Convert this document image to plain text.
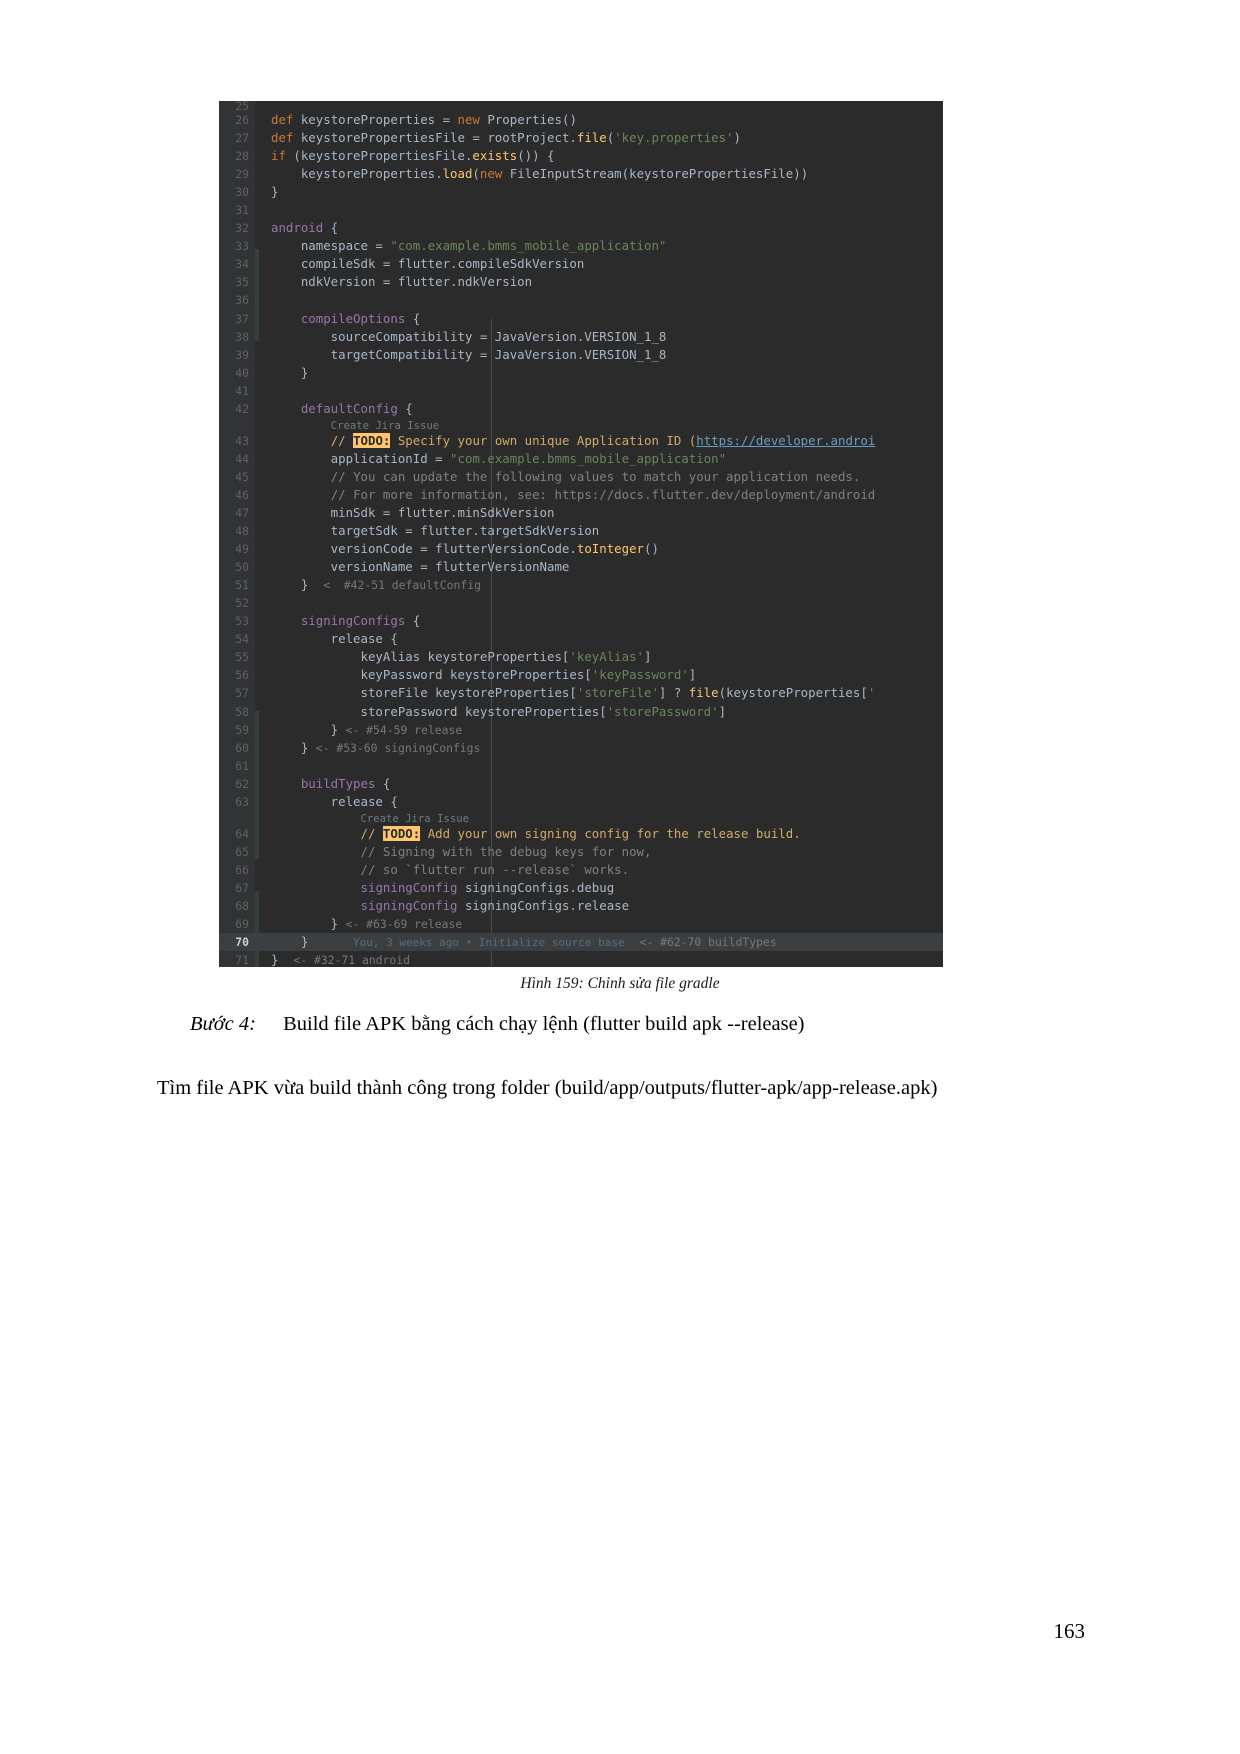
25
26 def keystoreProperties = new Properties()
27 def keystorePropertiesFile = rootProject.file('key.properties')
28 if (keystorePropertiesFile.exists()) {
29 keystoreProperties.load(new FileInputStream(keystorePropertiesFile))
30 }
31
32 android {
33 namespace = "com.example.bmms_mobile_application"
34 compileSdk = flutter.compileSdkVersion
35 ndkVersion = flutter.ndkVersion
36
37	compileOptions {
38 sourceCompatibility = JavaVersion.VERSION_1_8
39 targetCompatibility = JavaVersion.VERSION_1_8
40 }
41
42	defaultConfig {
Create Jira Issue
43	// TODO: Specify your own unique Application ID (https://developer.androi
44 applicationId = "com.example.bmms_mobile_application"
45	// You can update the following values to match your application needs.
46	// For more information, see: https://docs.flutter.dev/deployment/android
47 minSdk = flutter.minSdkVersion
48 targetSdk = flutter.targetSdkVersion
49 versionCode = flutterVersionCode.toInteger()
50 versionName = flutterVersionName
51 }  <  #42-51 defaultConfig
52
53	signingConfigs {
54 release {
55 keyAlias keystoreProperties['keyAlias']
56 keyPassword keystoreProperties['keyPassword']
57 storeFile keystoreProperties['storeFile'] ? file(keystoreProperties['
58 storePassword keystoreProperties['storePassword']
59 } <- #54-59 release
60 } <- #53-60 signingConfigs
61
62	buildTypes {
63 release {
Create Jira Issue
64	// TODO: Add your own signing config for the release build.
65	// Signing with the debug keys for now,
66	// so `flutter run --release` works.
67	signingConfig signingConfigs.debug
68	signingConfig signingConfigs.release
69 } <- #63-69 release
70 }      You, 3 weeks ago • Initialize source base <- #62-70 buildTypes
71 }  <- #32-71 android
Hình 159: Chỉnh sửa file gradle
Bước 4: Build file APK bằng cách chạy lệnh (flutter build apk --release)
Tìm file APK vừa build thành công trong folder (build/app/outputs/flutter-apk/app-release.apk)
163
